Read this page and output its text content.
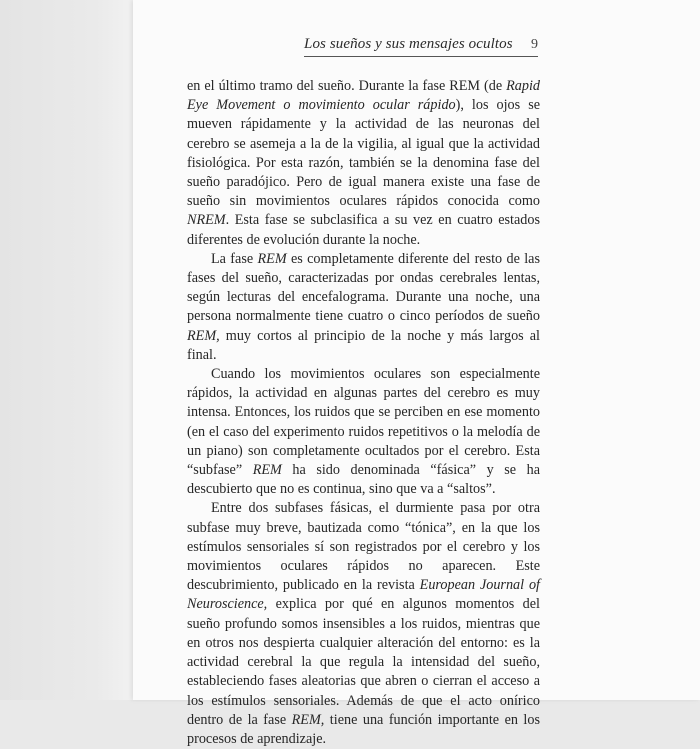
Los sueños y sus mensajes ocultos 9

en el último tramo del sueño. Durante la fase REM (de Rapid Eye Movement o movimiento ocular rápido), los ojos se mueven rápidamente y la actividad de las neuronas del cerebro se asemeja a la de la vigilia, al igual que la actividad fisiológica. Por esta razón, también se la denomina fase del sueño paradójico. Pero de igual manera existe una fase de sueño sin movimientos oculares rápidos conocida como NREM. Esta fase se subclasifica a su vez en cuatro estados diferentes de evolución durante la noche.

La fase REM es completamente diferente del resto de las fases del sueño, caracterizadas por ondas cerebrales lentas, según lecturas del encefalograma. Durante una noche, una persona normalmente tiene cuatro o cinco períodos de sueño REM, muy cortos al principio de la noche y más largos al final.

Cuando los movimientos oculares son especialmente rápidos, la actividad en algunas partes del cerebro es muy intensa. Entonces, los ruidos que se perciben en ese momento (en el caso del experimento ruidos repetitivos o la melodía de un piano) son completamente ocultados por el cerebro. Esta “subfase” REM ha sido denominada “fásica” y se ha descubierto que no es continua, sino que va a “saltos”.

Entre dos subfases fásicas, el durmiente pasa por otra subfase muy breve, bautizada como “tónica”, en la que los estímulos sensoriales sí son registrados por el cerebro y los movimientos oculares rápidos no aparecen. Este descubrimiento, publicado en la revista European Journal of Neuroscience, explica por qué en algunos momentos del sueño profundo somos insensibles a los ruidos, mientras que en otros nos despierta cualquier alteración del entorno: es la actividad cerebral la que regula la intensidad del sueño, estableciendo fases aleatorias que abren o cierran el acceso a los estímulos sensoriales. Además de que el acto onírico dentro de la fase REM, tiene una función importante en los procesos de aprendizaje.
